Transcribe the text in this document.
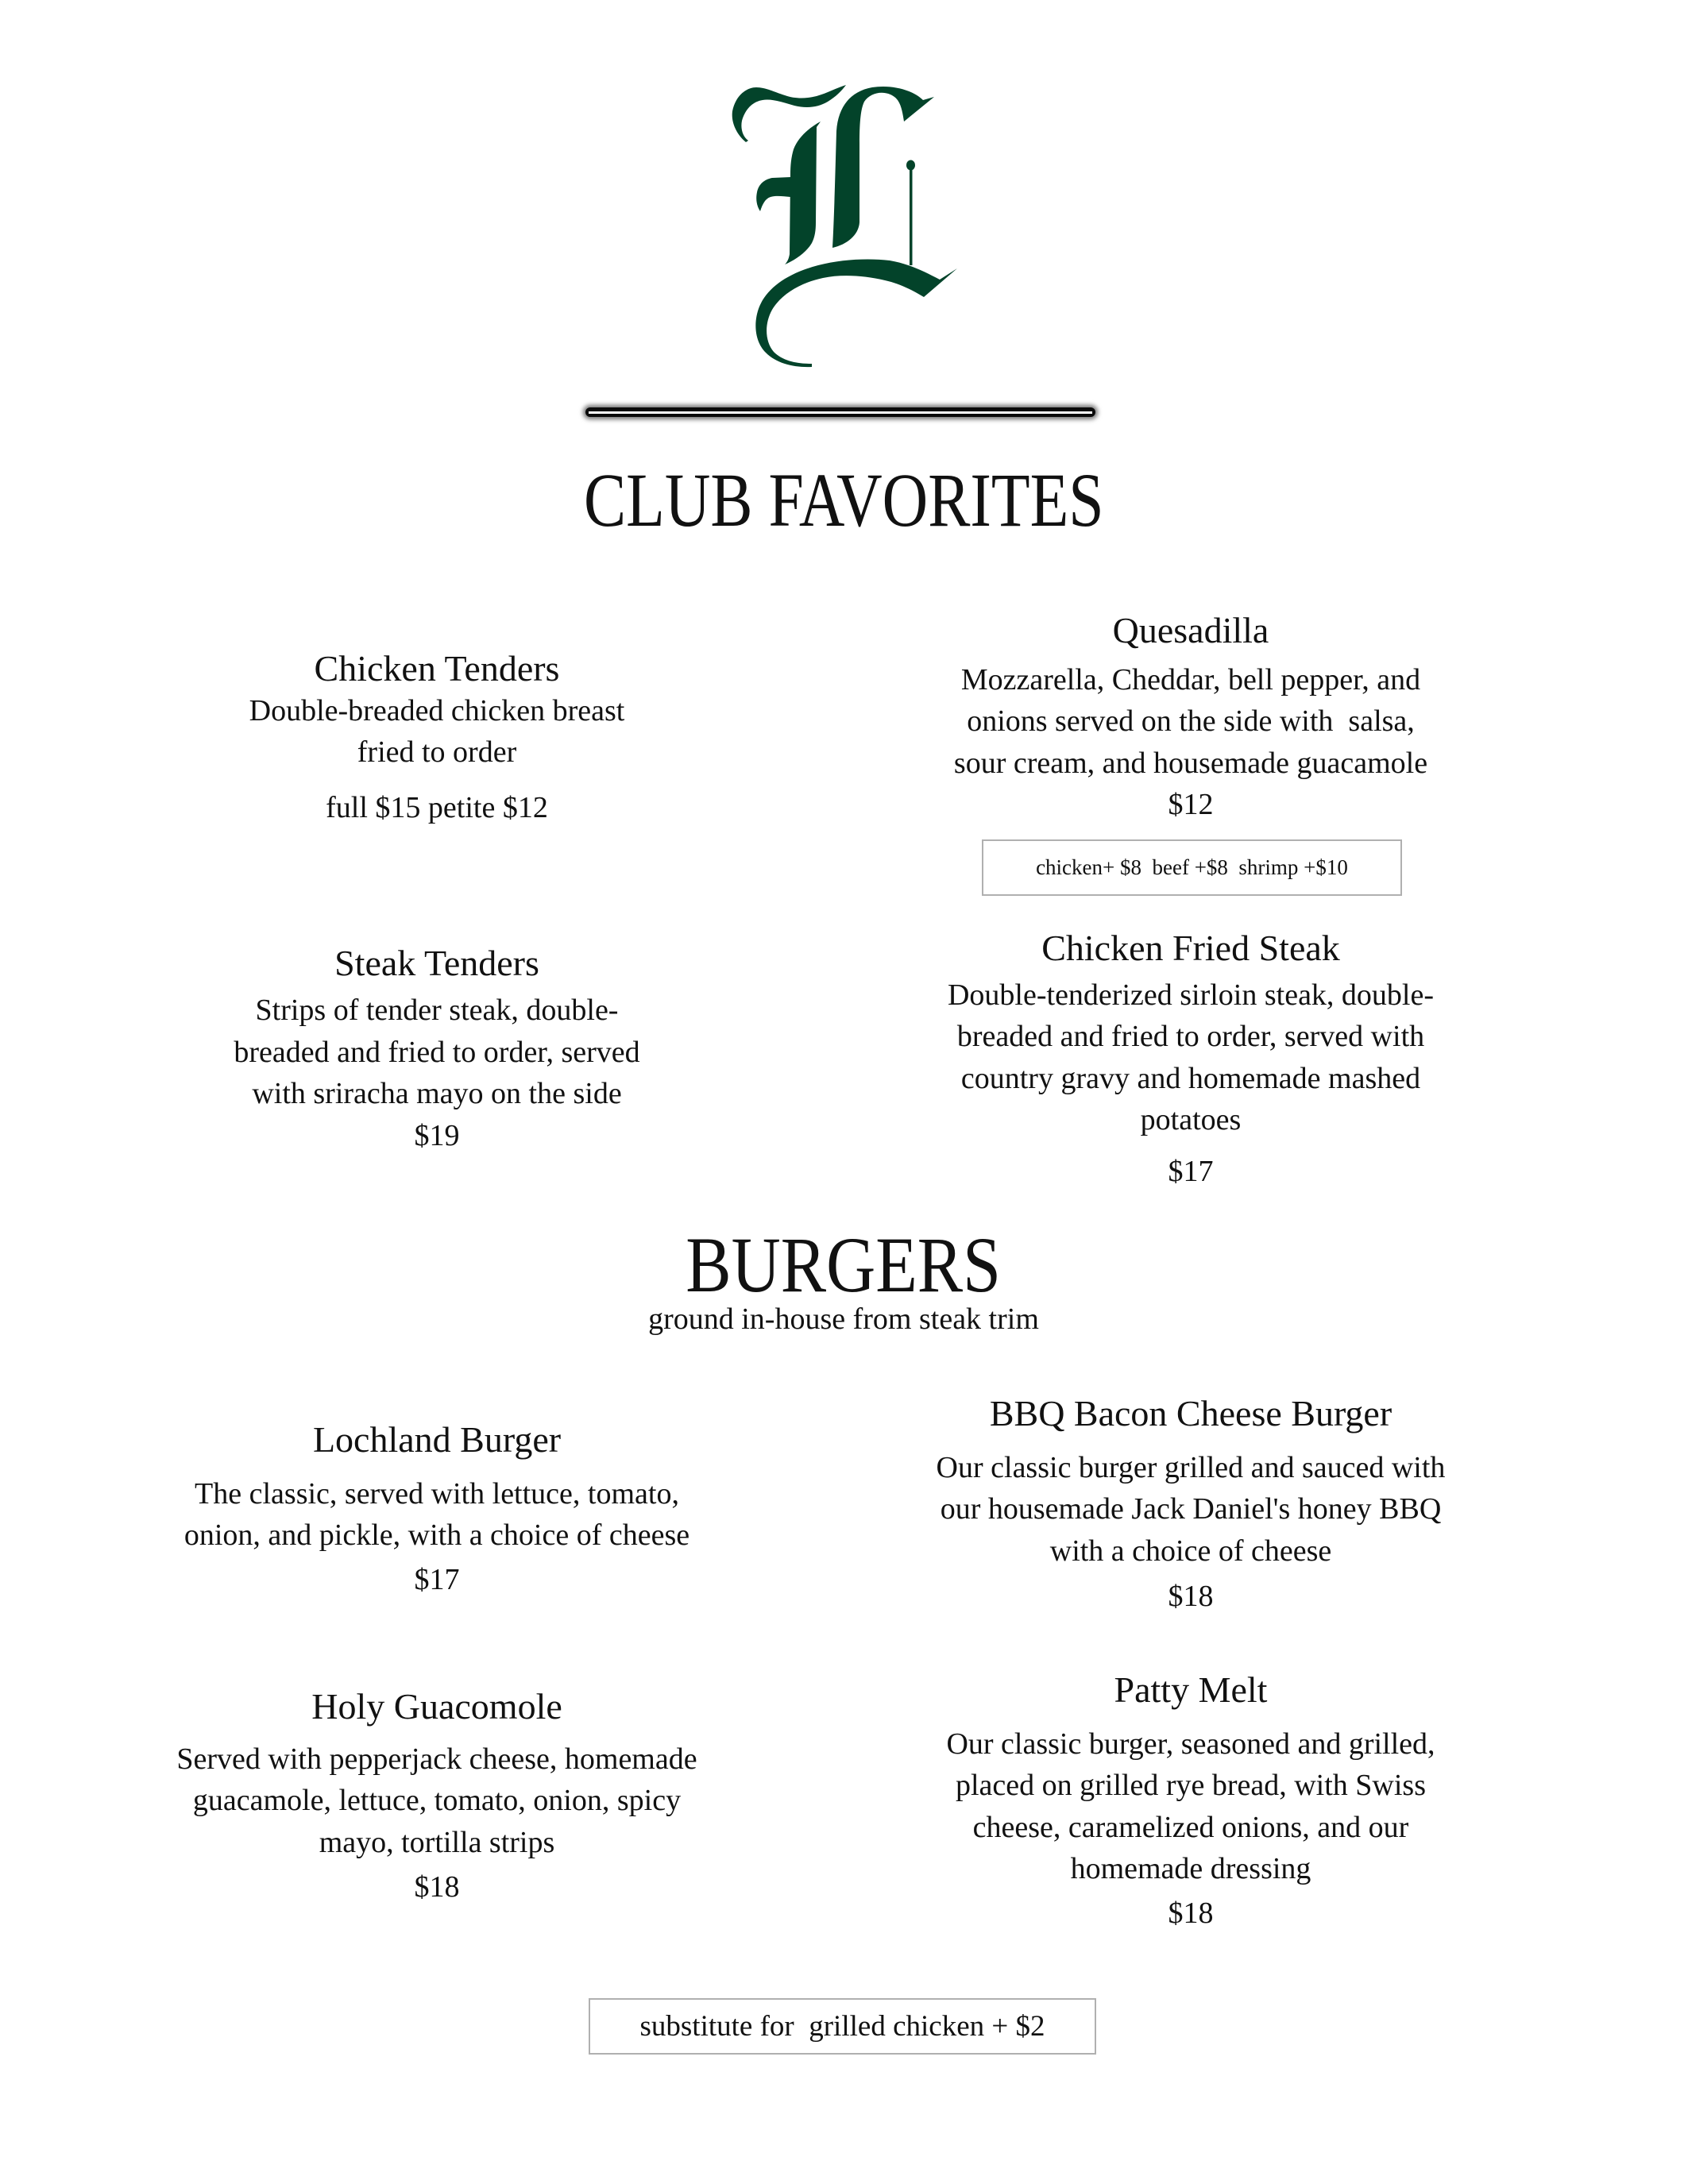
CLUB FAVORITES
Chicken Tenders
Double-breaded chicken breast
fried to order
full $15 petite $12
Steak Tenders
Strips of tender steak, double-
breaded and fried to order, served
with sriracha mayo on the side
$19
Quesadilla
Mozzarella, Cheddar, bell pepper, and
onions served on the side with  salsa,
sour cream, and housemade guacamole
$12
chicken+ $8  beef +$8  shrimp +$10
Chicken Fried Steak
Double-tenderized sirloin steak, double-
breaded and fried to order, served with
country gravy and homemade mashed
potatoes
$17
BURGERS
ground in-house from steak trim
Lochland Burger
The classic, served with lettuce, tomato,
onion, and pickle, with a choice of cheese
$17
Holy Guacomole
Served with pepperjack cheese, homemade
guacamole, lettuce, tomato, onion, spicy
mayo, tortilla strips
$18
BBQ Bacon Cheese Burger
Our classic burger grilled and sauced with
our housemade Jack Daniel's honey BBQ
with a choice of cheese
$18
Patty Melt
Our classic burger, seasoned and grilled,
placed on grilled rye bread, with Swiss
cheese, caramelized onions, and our
homemade dressing
$18
substitute for  grilled chicken + $2
